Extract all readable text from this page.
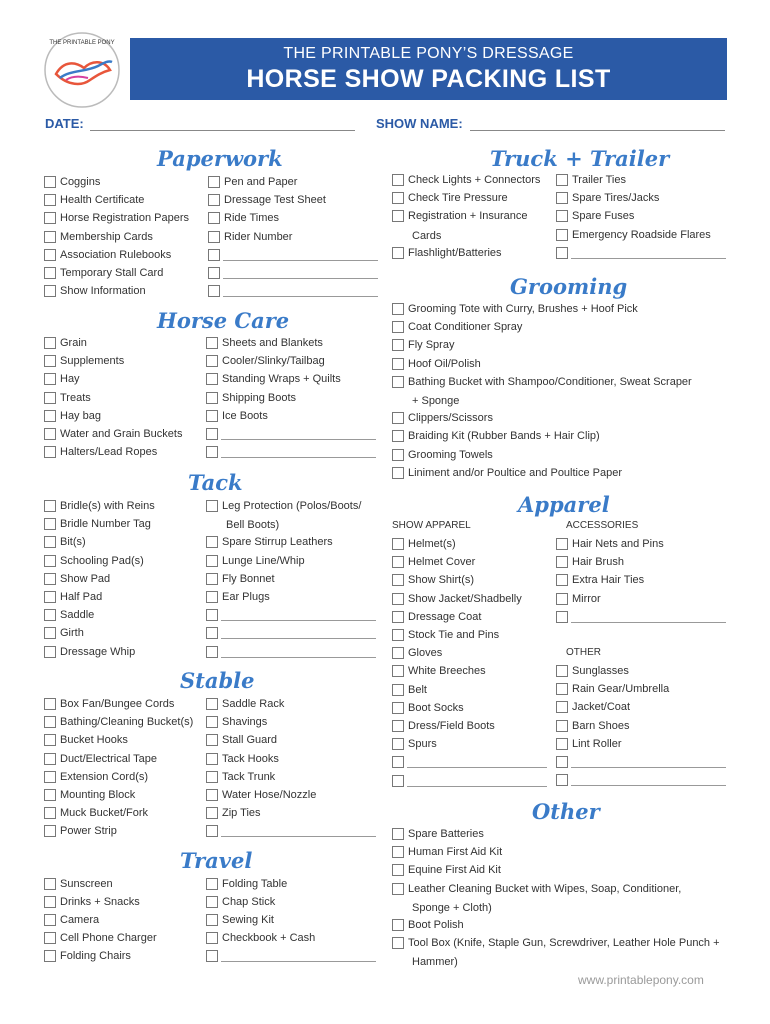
THE PRINTABLE PONY
THE PRINTABLE PONY’S DRESSAGE
HORSE SHOW PACKING LIST
DATE:	SHOW NAME:
Paperwork
Coggins
Health Certificate
Horse Registration Papers
Membership Cards
Association Rulebooks
Temporary Stall Card
Show Information
Pen and Paper
Dressage Test Sheet
Ride Times
Rider Number
Horse Care
Grain
Supplements
Hay
Treats
Hay bag
Water and Grain Buckets
Halters/Lead Ropes
Sheets and Blankets
Cooler/Slinky/Tailbag
Standing Wraps + Quilts
Shipping Boots
Ice Boots
Tack
Bridle(s) with Reins
Bridle Number Tag
Bit(s)
Schooling Pad(s)
Show Pad
Half Pad
Saddle
Girth
Dressage Whip
Leg Protection (Polos/Boots/
Bell Boots)
Spare Stirrup Leathers
Lunge Line/Whip
Fly Bonnet
Ear Plugs
Stable
Box Fan/Bungee Cords
Bathing/Cleaning Bucket(s)
Bucket Hooks
Duct/Electrical Tape
Extension Cord(s)
Mounting Block
Muck Bucket/Fork
Power Strip
Saddle Rack
Shavings
Stall Guard
Tack Hooks
Tack Trunk
Water Hose/Nozzle
Zip Ties
Travel
Sunscreen
Drinks + Snacks
Camera
Cell Phone Charger
Folding Chairs
Folding Table
Chap Stick
Sewing Kit
Checkbook + Cash
Truck + Trailer
Check Lights + Connectors
Check Tire Pressure
Registration + Insurance
Cards
Flashlight/Batteries
Trailer Ties
Spare Tires/Jacks
Spare Fuses
Emergency Roadside Flares
Grooming
Grooming Tote with Curry, Brushes + Hoof Pick
Coat Conditioner Spray
Fly Spray
Hoof Oil/Polish
Bathing Bucket with Shampoo/Conditioner, Sweat Scraper
+ Sponge
Clippers/Scissors
Braiding Kit (Rubber Bands + Hair Clip)
Grooming Towels
Liniment and/or Poultice and Poultice Paper
Apparel
SHOW APPAREL	ACCESSORIES
Helmet(s)
Helmet Cover
Show Shirt(s)
Show Jacket/Shadbelly
Dressage Coat
Stock Tie and Pins
Gloves
White Breeches
Belt
Boot Socks
Dress/Field Boots
Spurs
Hair Nets and Pins
Hair Brush
Extra Hair Ties
Mirror
OTHER
Sunglasses
Rain Gear/Umbrella
Jacket/Coat
Barn Shoes
Lint Roller
Other
Spare Batteries
Human First Aid Kit
Equine First Aid Kit
Leather Cleaning Bucket with Wipes, Soap, Conditioner,
Sponge + Cloth)
Boot Polish
Tool Box (Knife, Staple Gun, Screwdriver, Leather Hole Punch +
Hammer)
www.printablepony.com
